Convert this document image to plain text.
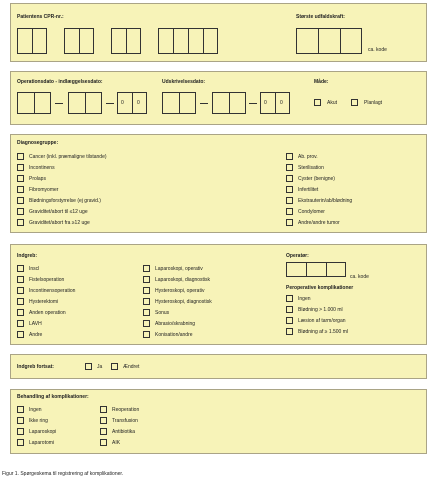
Patientens CPR-nr.:	Største udfaldskraft:
ca. kode
Operationsdato - indlæggelsesdato:
0	0
Udskrivelsesdato:
0	0
Måde:
Akut	Planlagt
Diagnosegruppe:
Cancer (inkl. præmaligne tilstande)
Incontinens
Prolaps
Fibromyomer
Blødningsforstyrrelse (ej gravid.)
Graviditet/abort til ≤12 uge
Graviditet/abort fra ≥12 uge
Ab. prov.
Sterilisation
Cyster (benigne)
Infertilitet
Ekstrauterin/ab/blødning
Condylomer
Andre/andre tumor
Indgreb:	Operatør:
ca. kode
Peroperative komplikationer
Inscl
Fistelsoperation
Incontinensoperation
Hysterektomi
Anden operation
LAVH
Andre
Laparoskopi, operativ
Laparoskopi, diagnostisk
Hysteroskopi, operativ
Hysteroskopi, diagnostisk
Sonus
Abrasio/skrabning
Konisation/andre
Ingen
Blødning > 1.000 ml
Læsion af tarm/organ
Blødning af ≥ 1.500 ml
Indgreb fortsat:	Ja	Ændret
Behandling af komplikationer:
Ingen
Ikke ring
Laparoskopi
Laparotomi
Reoperation
Transfusion
Antibiotika
AIK
Figur 1. Spørgeskema til registrering af komplikationer.
